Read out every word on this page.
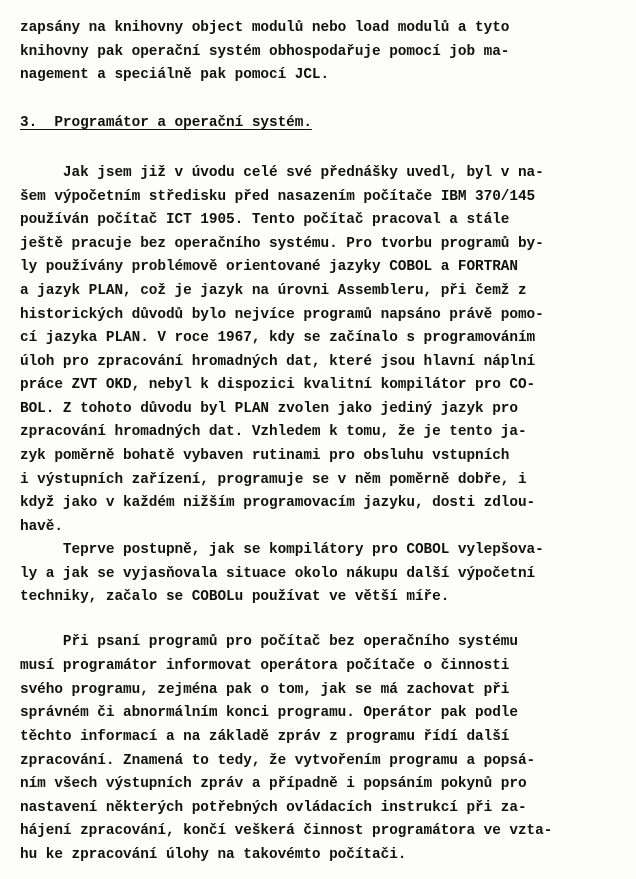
zapsány na knihovny object modulů nebo load modulů a tyto
knihovny pak operační systém obhospodařuje pomocí job ma-
nagement a speciálně pak pomocí JCL.
3.  Programátor a operační systém.
Jak jsem již v úvodu celé své přednášky uvedl, byl v na-
šem výpočetním středisku před nasazením počítače IBM 370/145
používán počítač ICT 1905. Tento počítač pracoval a stále
ještě pracuje bez operačního systému. Pro tvorbu programů by-
ly používány problémově orientované jazyky COBOL a FORTRAN
a jazyk PLAN, což je jazyk na úrovni Assembleru, při čemž z
historických důvodů bylo nejvíce programů napsáno právě pomo-
cí jazyka PLAN. V roce 1967, kdy se začínalo s programováním
úloh pro zpracování hromadných dat, které jsou hlavní náplní
práce ZVT OKD, nebyl k dispozici kvalitní kompilátor pro CO-
BOL. Z tohoto důvodu byl PLAN zvolen jako jediný jazyk pro
zpracování hromadných dat. Vzhledem k tomu, že je tento ja-
zyk poměrně bohatě vybaven rutinami pro obsluhu vstupních
i výstupních zařízení, programuje se v něm poměrně dobře, i
když jako v každém nižším programovacím jazyku, dosti zdlou-
havě.
Teprve postupně, jak se kompilátory pro COBOL vylepšova-
ly a jak se vyjasňovala situace okolo nákupu další výpočetní
techniky, začalo se COBOLu používat ve větší míře.
Při psaní programů pro počítač bez operačního systému
musí programátor informovat operátora počítače o činnosti
svého programu, zejména pak o tom, jak se má zachovat při
správném či abnormálním konci programu. Operátor pak podle
těchto informací a na základě zpráv z programu řídí další
zpracování. Znamená to tedy, že vytvořením programu a popsá-
ním všech výstupních zpráv a případně i popsáním pokynů pro
nastavení některých potřebných ovládacích instrukcí při za-
hájení zpracování, končí veškerá činnost programátora ve vzta-
hu ke zpracování úlohy na takovémto počítači.
